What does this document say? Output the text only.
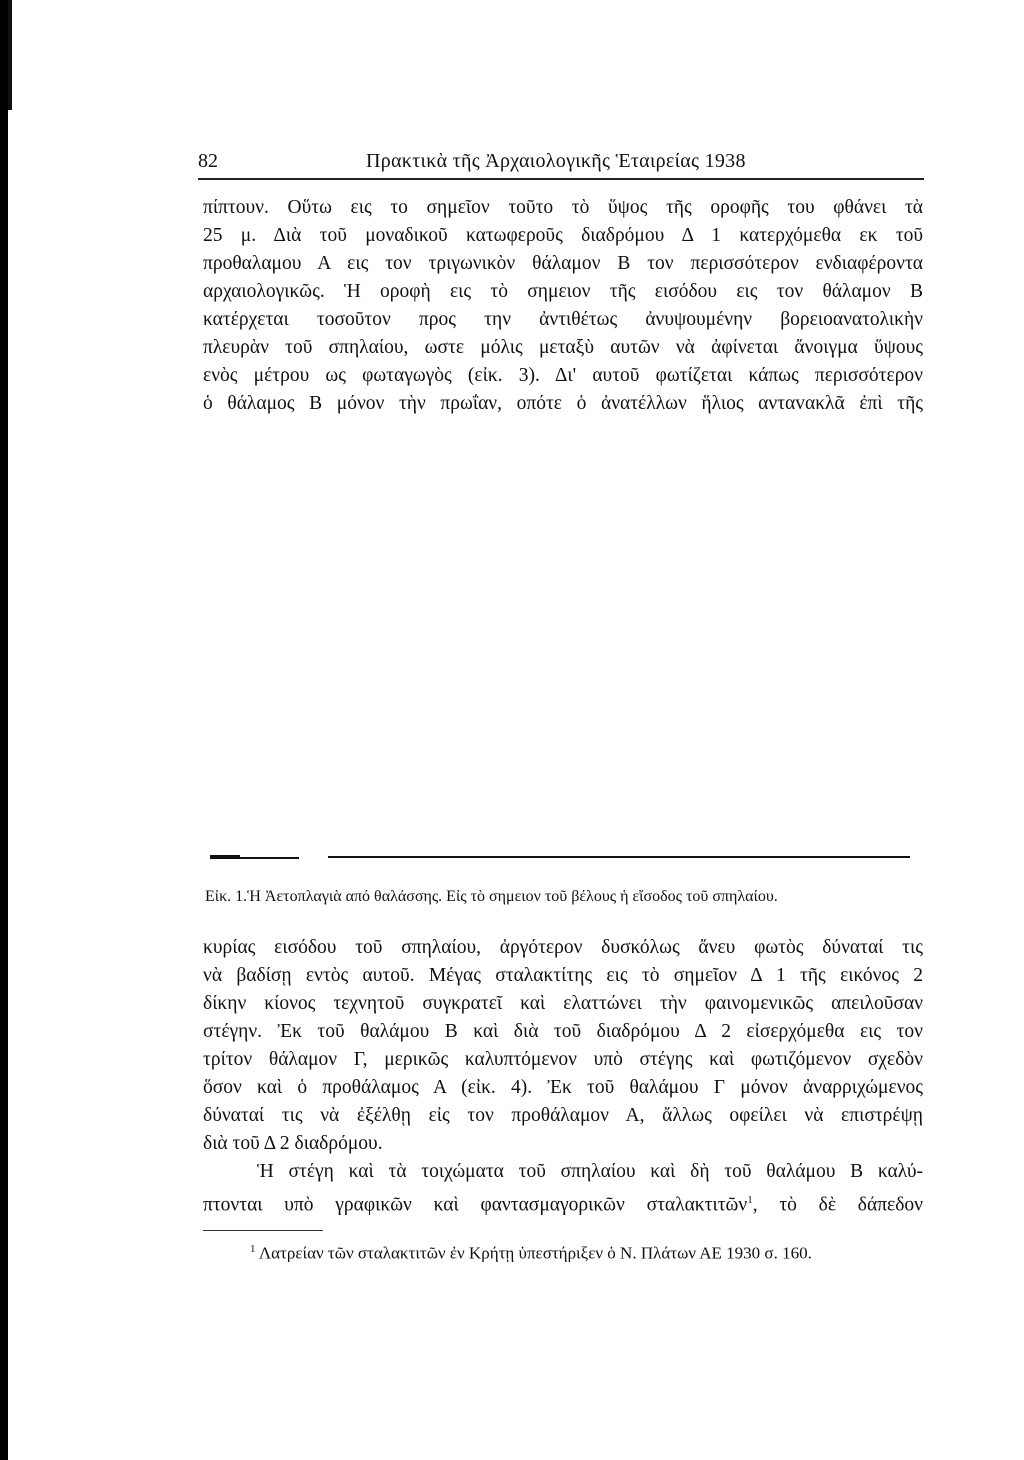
82	Πρακτικὰ τῆς Ἀρχαιολογικῆς Ἑταιρείας 1938
πίπτουν. Οὕτω εις το σημεῖον τοῦτο τὸ ὕψος τῆς οροφῆς του φθάνει τὰ
25 μ. Διὰ τοῦ μοναδικοῦ κατωφεροῦς διαδρόμου Δ 1 κατερχόμεθα εκ τοῦ
προθαλαμου Α εις τον τριγωνικὸν θάλαμον Β τον περισσότερον ενδιαφέροντα
αρχαιολογικῶς. Ἡ οροφὴ εις τὸ σημειον τῆς εισόδου εις τον θάλαμον Β
κατέρχεται τοσοῦτον προς την ἀντιθέτως ἀνυψουμένην βορειοανατολικὴν
πλευρὰν τοῦ σπηλαίου, ωστε μόλις μεταξὺ αυτῶν νὰ ἀφίνεται ἄνοιγμα ὕψους
ενὸς μέτρου ως φωταγωγὸς (εἰκ. 3). Δι' αυτοῦ φωτίζεται κάπως περισσότερον
ὁ θάλαμος Β μόνον τὴν πρωΐαν, οπότε ὁ ἀνατέλλων ἥλιος ανταvακλᾶ ἐπὶ τῆς
Εἰκ. 1.Ἡ Ἀετοπλαγιὰ από θαλάσσης. Εἰς τὸ σημειον τοῦ βέλους ἡ εἴσοδος τοῦ σπηλαίου.
κυρίας εισόδου τοῦ σπηλαίου, ἀργότερον δυσκόλως ἄνευ φωτὸς δύναταί τις
νὰ βαδίσῃ εντὸς αυτοῦ. Μέγας σταλακτίτης εις τὸ σημεῖον Δ 1 τῆς εικόνος 2
δίκην κίονος τεχνητοῦ συγκρατεῖ καὶ ελαττώνει τὴν φαινομενικῶς απειλοῦσαν
στέγην. Ἐκ τοῦ θαλάμου Β καὶ διὰ τοῦ διαδρόμου Δ 2 εἰσερχόμεθα εις τον
τρίτον θάλαμον Γ, μερικῶς καλυπτόμενον υπὸ στέγης καὶ φωτιζόμενον σχεδὸν
ὅσον καὶ ὁ προθάλαμος Α (εἰκ. 4). Ἐκ τοῦ θαλάμου Γ μόνον ἀναρριχώμενος
δύναταί τις νὰ ἐξέλθῃ εἰς τον προθάλαμον Α, ἄλλως οφείλει νὰ επιστρέψῃ
διὰ τοῦ Δ 2 διαδρόμου.
Ἡ στέγη καὶ τὰ τοιχώματα τοῦ σπηλαίου καὶ δὴ τοῦ θαλάμου Β καλύ-
πτονται υπὸ γραφικῶν καὶ φαντασμαγορικῶν σταλακτιτῶν$^1$, τὸ δὲ δάπεδον
$^1$ Λατρείαν τῶν σταλακτιτῶν ἐν Κρήτῃ ὑπεστήριξεν ὁ Ν. Πλάτων ΑΕ 1930 σ. 160.
